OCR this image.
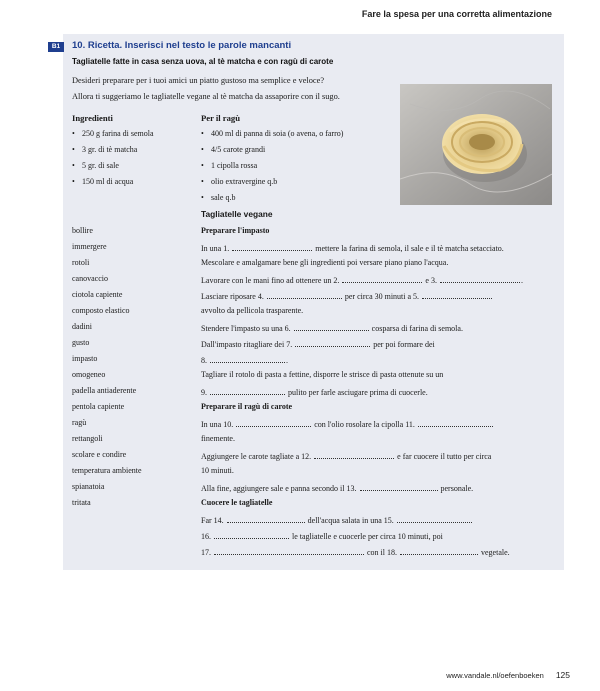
Fare la spesa per una corretta alimentazione
B1	10. Ricetta. Inserisci nel testo le parole mancanti
Tagliatelle fatte in casa senza uova, al tè matcha e con ragù di carote
Desideri preparare per i tuoi amici un piatto gustoso ma semplice e veloce?
Allora ti suggeriamo le tagliatelle vegane al tè matcha da assaporire con il sugo.
Ingredienti	Per il ragù
• 250 g farina di semola
• 3 gr. di tè matcha
• 5 gr. di sale
• 150 ml di acqua
• 400 ml di panna di soia (o avena, o farro)
• 4/5 carote grandi
• 1 cipolla rossa
• olio extravergine q.b
• sale q.b
Tagliatelle vegane
bollire
immergere
rotoli
canovaccio
ciotola capiente
composto elastico
dadini
gusto
impasto
omogeneo
padella antiaderente
pentola capiente
ragù
rettangoli
scolare e condire
temperatura ambiente
spianatoia
tritata
Preparare l'impasto
In una 1.	mettere la farina di semola, il sale e il tè matcha setacciato.
Mescolare e amalgamare bene gli ingredienti poi versare piano piano l'acqua.
Lavorare con le mani fino ad ottenere un 2.	e 3.	.
Lasciare riposare 4.	per circa 30 minuti a 5.
avvolto da pellicola trasparente.
Stendere l'impasto su una 6.	cosparsa di farina di semola.
Dall'impasto ritagliare dei 7.	per poi formare dei
8.	.
Tagliare il rotolo di pasta a fettine, disporre le strisce di pasta ottenute su un
9.	pulito per farle asciugare prima di cuocerle.
Preparare il ragù di carote
In una 10.	con l'olio rosolare la cipolla 11.
finemente.
Aggiungere le carote tagliate a 12.	e far cuocere il tutto per circa
10 minuti.
Alla fine, aggiungere sale e panna secondo il 13.	personale.
Cuocere le tagliatelle
Far 14.	dell'acqua salata in una 15.
16.	le tagliatelle e cuocerle per circa 10 minuti, poi
17.	con il 18.	vegetale.
www.vandale.nl/oefenboeken 125
